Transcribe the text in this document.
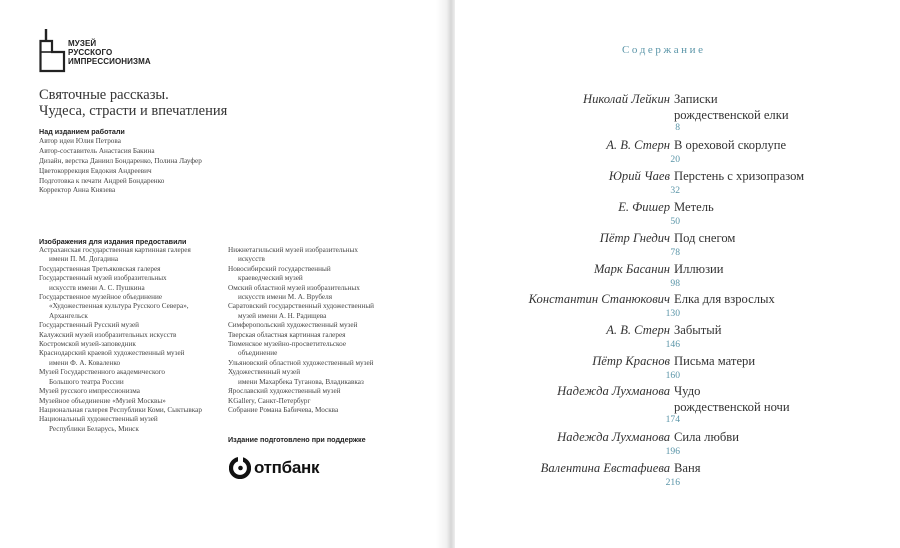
МУЗЕЙ
РУССКОГО
ИМПРЕССИОНИЗМА
Святочные рассказы.
Чудеса, страсти и впечатления
Над изданием работали
Автор идеи Юлия Петрова
Автор-составитель Анастасия Бакина
Дизайн, верстка Даниил Бондаренко, Полина Лауфер
Цветокоррекция Евдокия Андреевич
Подготовка к печати Андрей Бондаренко
Корректор Анна Князева
Изображения для издания предоставили
Астраханская государственная картинная галерея
имени П. М. Догадина
Государственная Третьяковская галерея
Государственный музей изобразительных
искусств имени А. С. Пушкина
Государственное музейное объединение
«Художественная культура Русского Севера»,
Архангельск
Государственный Русский музей
Калужский музей изобразительных искусств
Костромской музей-заповедник
Краснодарский краевой художественный музей
имени Ф. А. Коваленко
Музей Государственного академического
Большого театра России
Музей русского импрессионизма
Музейное объединение «Музей Москвы»
Национальная галерея Республики Коми, Сыктывкар
Национальный художественный музей
Республики Беларусь, Минск
Нижнетагильский музей изобразительных
искусств
Новосибирский государственный
краеведческий музей
Омский областной музей изобразительных
искусств имени М. А. Врубеля
Саратовский государственный художественный
музей имени А. Н. Радищева
Симферопольский художественный музей
Тверская областная картинная галерея
Тюменское музейно-просветительское
объединение
Ульяновский областной художественный музей
Художественный музей
имени Махарбека Туганова, Владикавказ
Ярославский художественный музей
KGallery, Санкт-Петербург
Собрание Романа Бабичева, Москва
Издание подготовлено при поддержке
отпбанк
Содержание
Николай Лейкин Записки
рождественской елки
8
А. В. Стерн В ореховой скорлупе
20
Юрий Чаев Перстень с хризопразом
32
Е. Фишер Метель
50
Пётр Гнедич Под снегом
78
Марк Басанин Иллюзии
98
Константин Станюкович Елка для взрослых
130
А. В. Стерн Забытый
146
Пётр Краснов Письма матери
160
Надежда Лухманова Чудо
рождественской ночи
174
Надежда Лухманова Сила любви
196
Валентина Евстафиева Ваня
216
